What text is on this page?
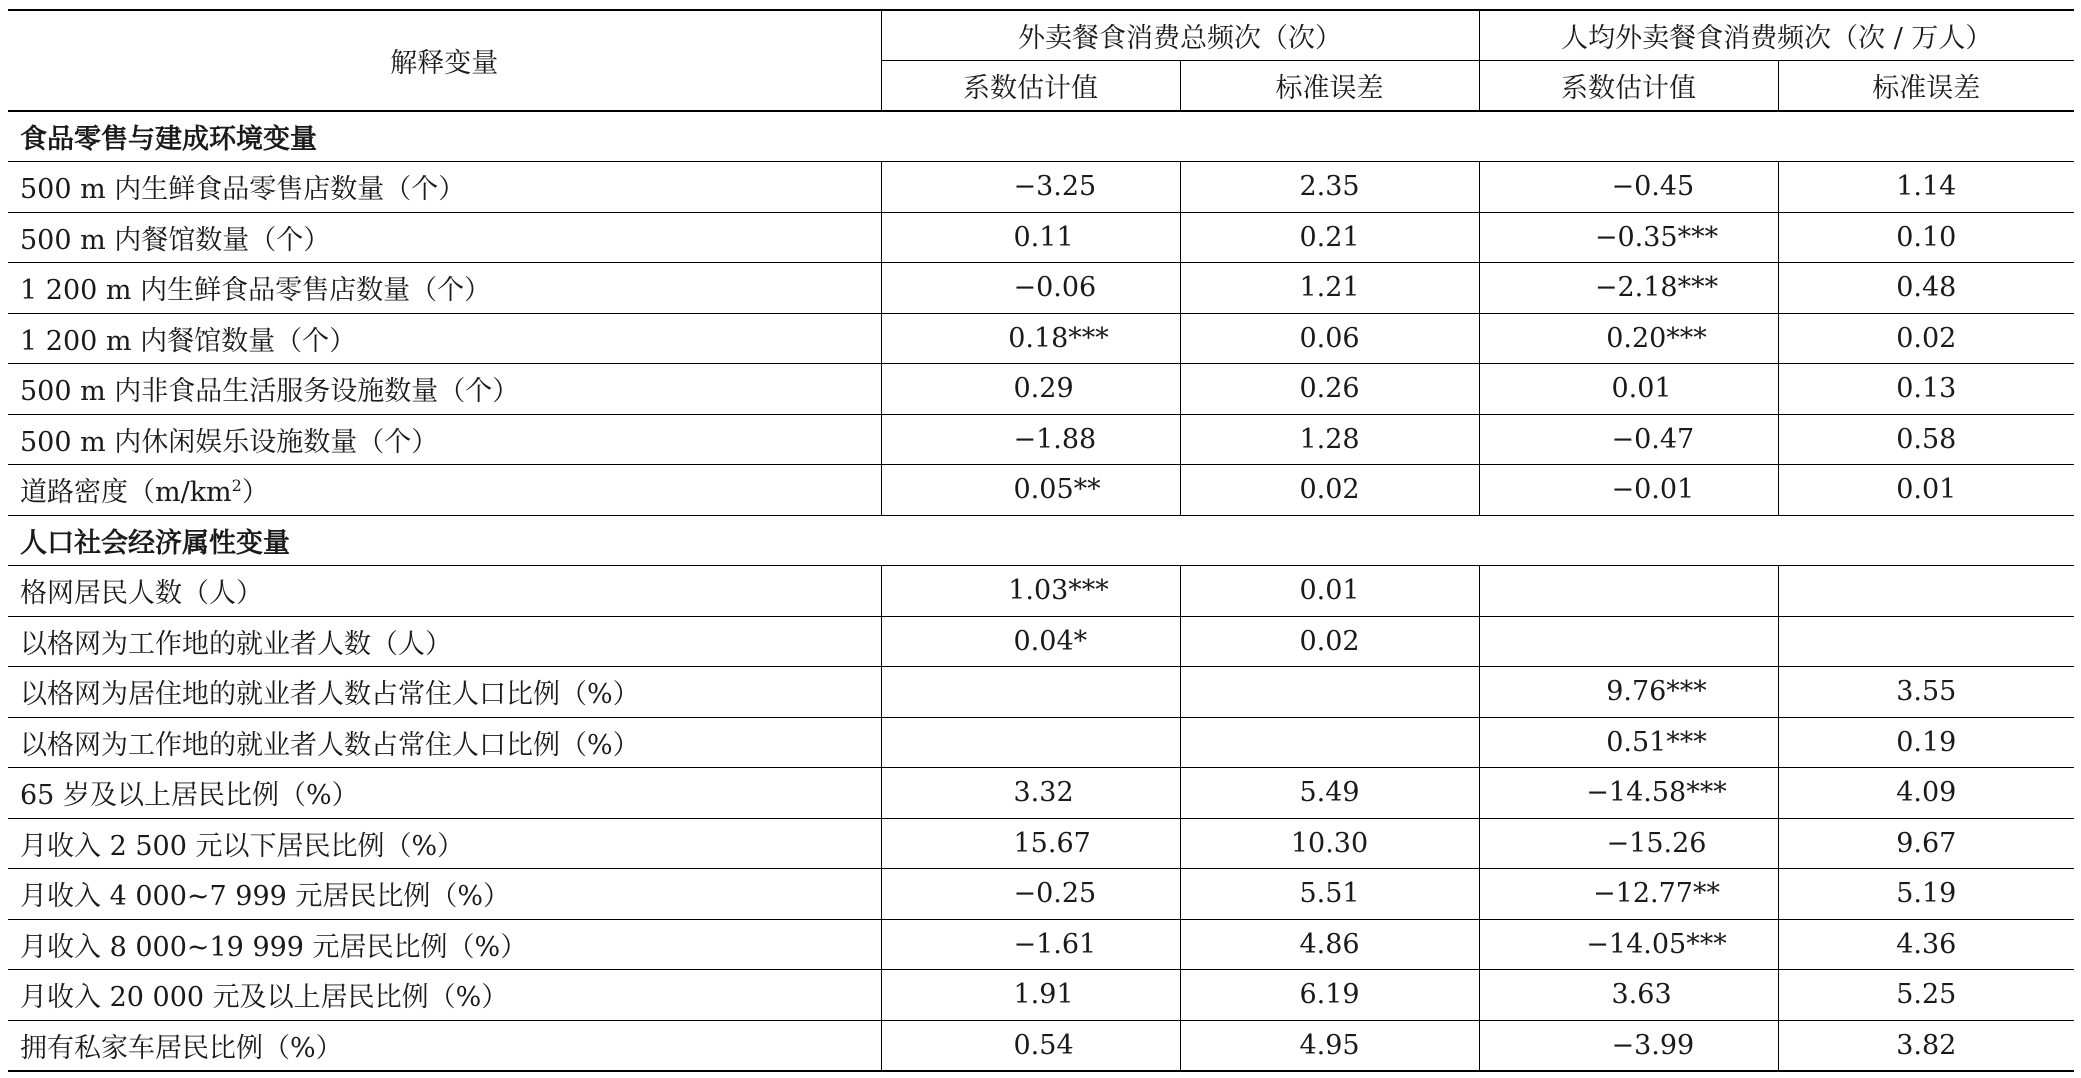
解释变量	外卖餐食消费总频次（次）		人均外卖餐食消费频次（次 / 万人）	
	系数估计值	标准误差	系数估计值	标准误差
食品零售与建成环境变量				
500 m 内生鲜食品零售店数量（个）	−3.25	2.35	−0.45	1.14
500 m 内餐馆数量（个）	0.11	0.21	−0.35***	0.10
1 200 m 内生鲜食品零售店数量（个）	−0.06	1.21	−2.18***	0.48
1 200 m 内餐馆数量（个）	0.18***	0.06	0.20***	0.02
500 m 内非食品生活服务设施数量（个）	0.29	0.26	0.01	0.13
500 m 内休闲娱乐设施数量（个）	−1.88	1.28	−0.47	0.58
道路密度$(m/km^2)$	0.05**	0.02	−0.01	0.01
人口社会经济属性变量				
格网居民人数（人）	1.03***	0.01		
以格网为工作地的就业者人数（人）	0.04*	0.02		
以格网为居住地的就业者人数占常住人口比例（%）			9.76***	3.55
以格网为工作地的就业者人数占常住人口比例（%）			0.51***	0.19
65 岁及以上居民比例（%）	3.32	5.49	−14.58***	4.09
月收入 2 500 元以下居民比例（%）	15.67	10.30	−15.26	9.67
月收入 4 000~7 999 元居民比例（%）	−0.25	5.51	−12.77**	5.19
月收入 8 000~19 999 元居民比例（%）	−1.61	4.86	−14.05***	4.36
月收入 20 000 元及以上居民比例（%）	1.91	6.19	3.63	5.25
拥有私家车居民比例（%）	0.54	4.95	−3.99	3.82
